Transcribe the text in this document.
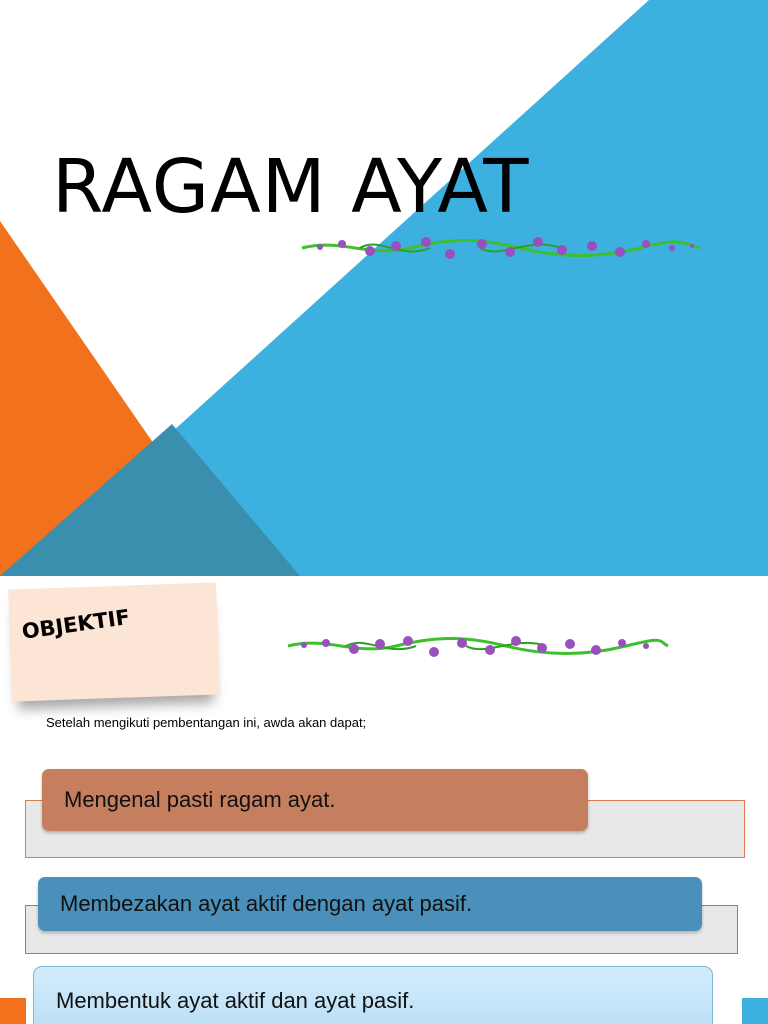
RAGAM AYAT
OBJEKTIF
Setelah mengikuti pembentangan ini, awda akan dapat;
Mengenal pasti ragam ayat.
Membezakan ayat aktif dengan ayat pasif.
Membentuk ayat aktif dan ayat pasif.
